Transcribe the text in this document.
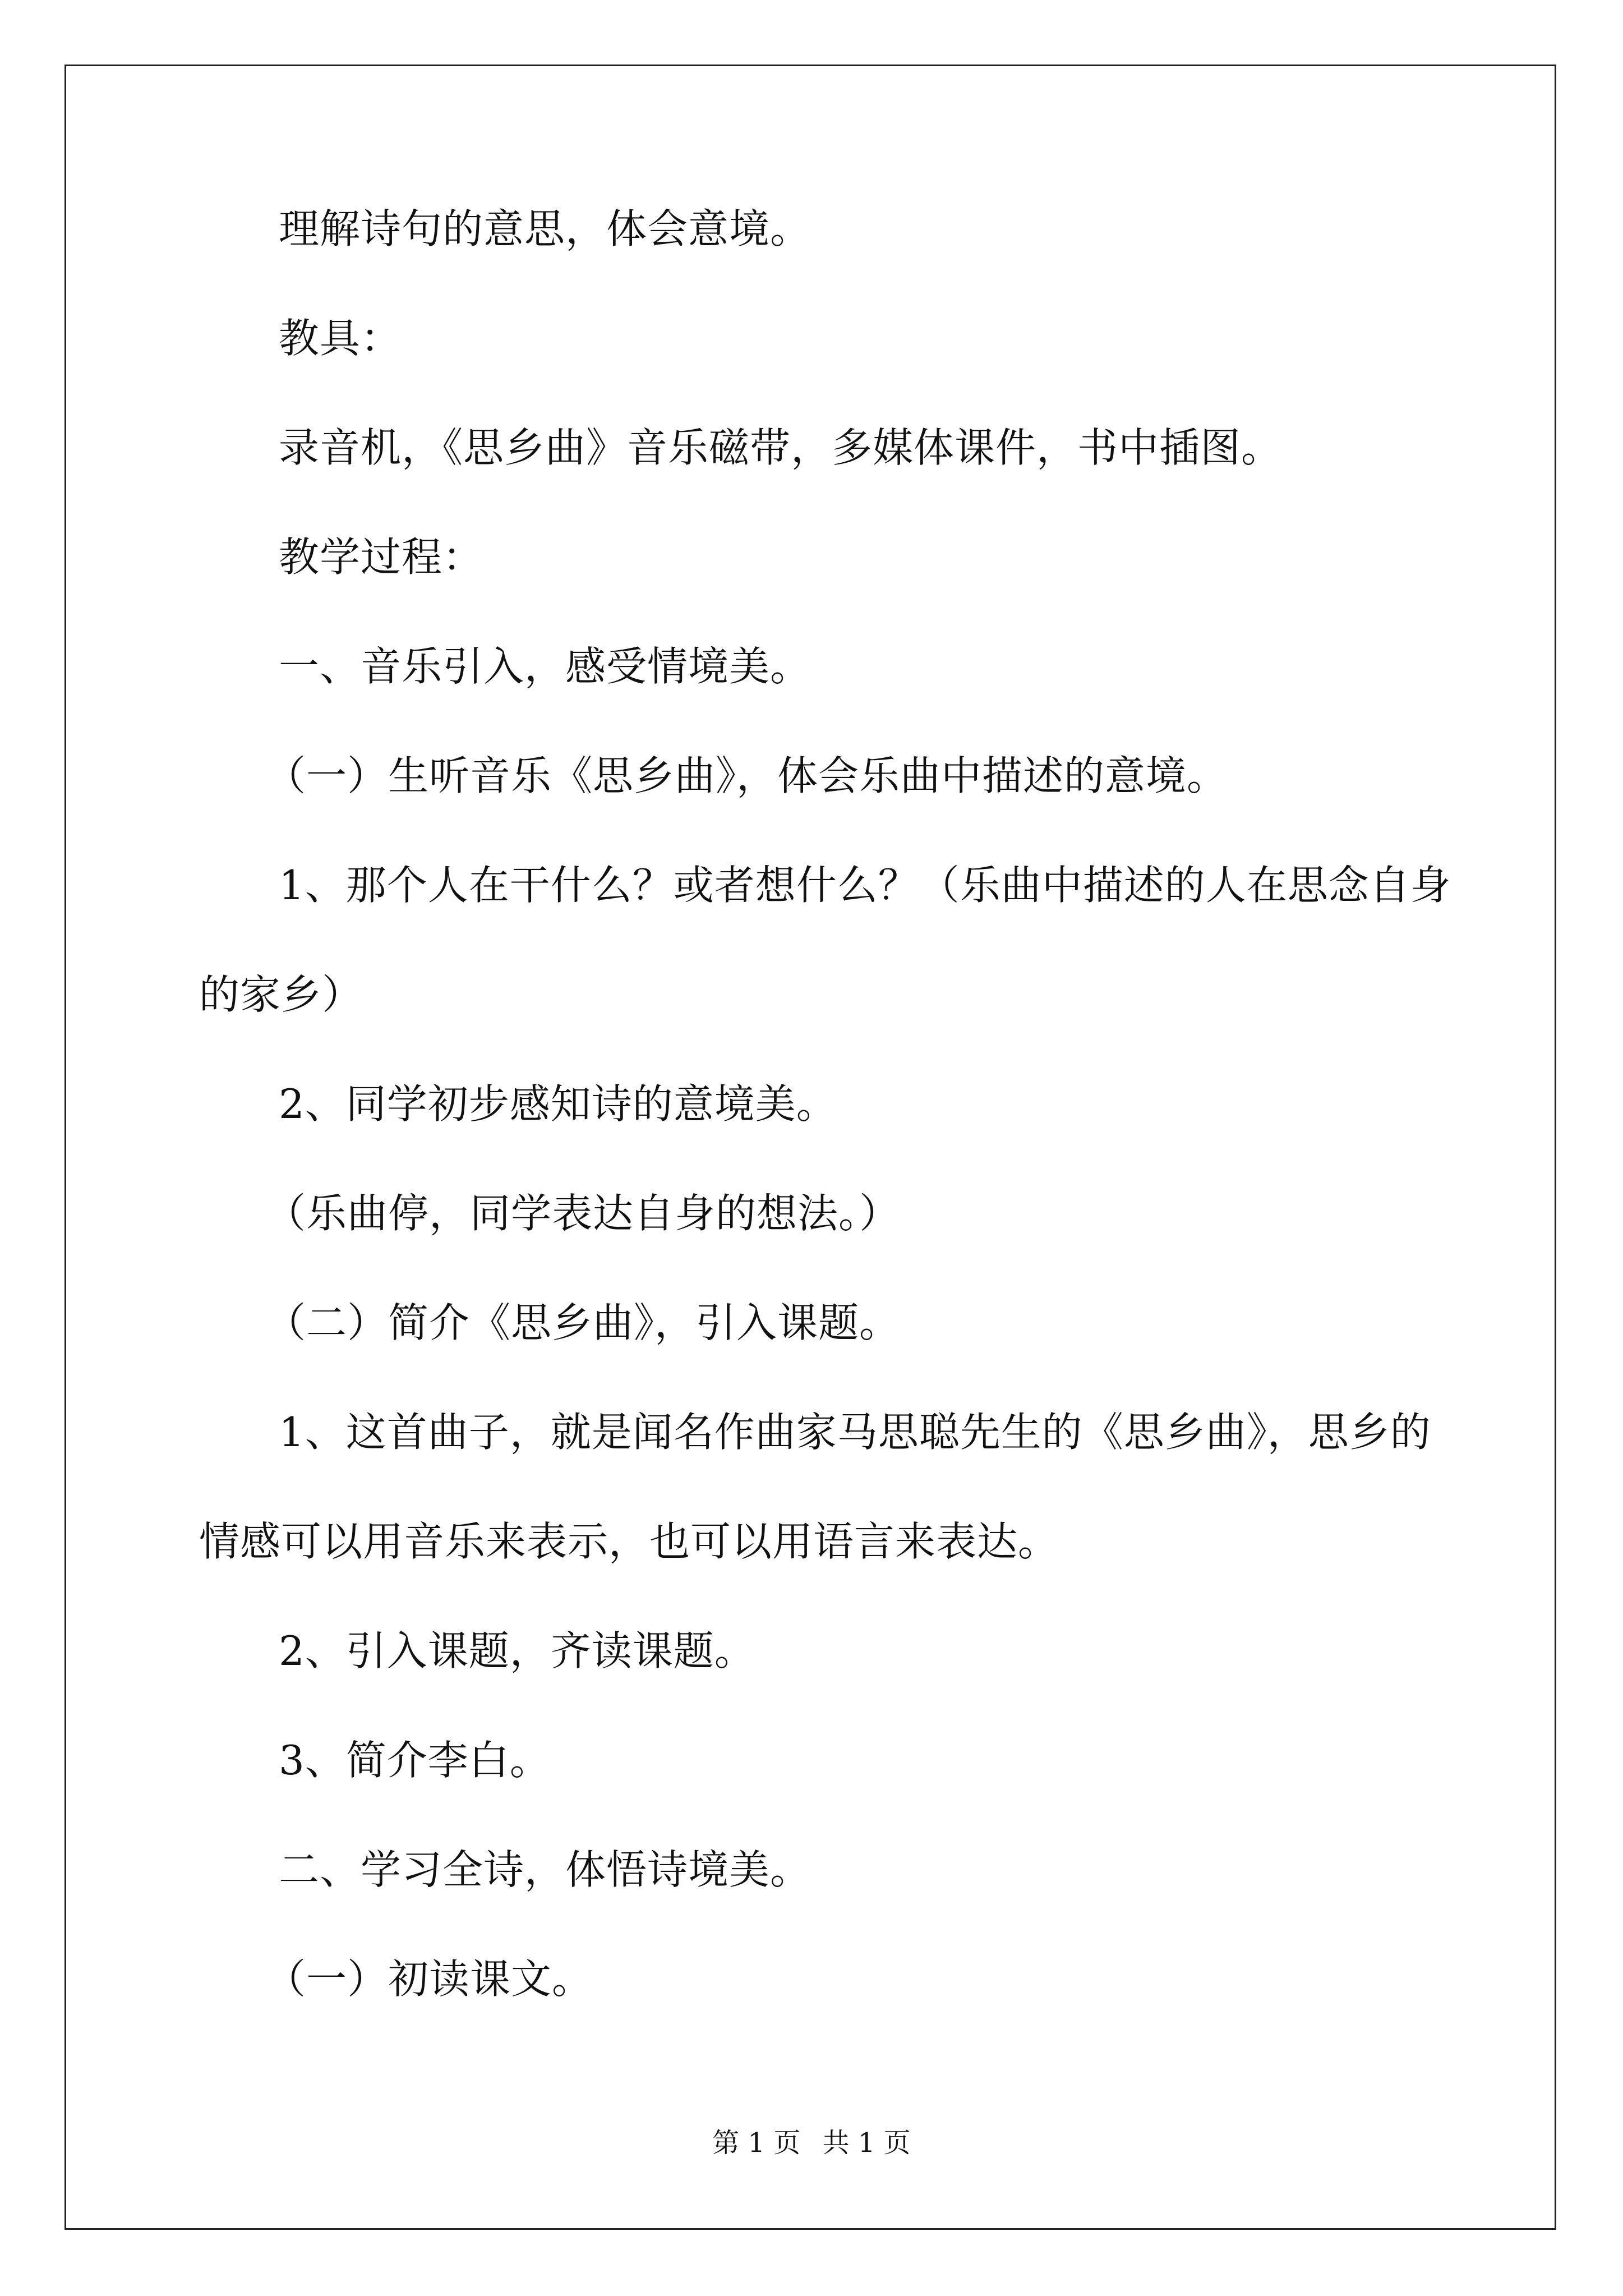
理解诗句的意思，体会意境。
教具：
录音机，《思乡曲》音乐磁带，多媒体课件，书中插图。
教学过程：
一、音乐引入，感受情境美。
（一）生听音乐《思乡曲》，体会乐曲中描述的意境。
1、那个人在干什么？或者想什么？（乐曲中描述的人在思念自身
的家乡）
2、同学初步感知诗的意境美。
（乐曲停，同学表达自身的想法。）
（二）简介《思乡曲》，引入课题。
1、这首曲子，就是闻名作曲家马思聪先生的《思乡曲》，思乡的
情感可以用音乐来表示，也可以用语言来表达。
2、引入课题，齐读课题。
3、简介李白。
二、学习全诗，体悟诗境美。
（一）初读课文。
第 1 页 共 1 页
